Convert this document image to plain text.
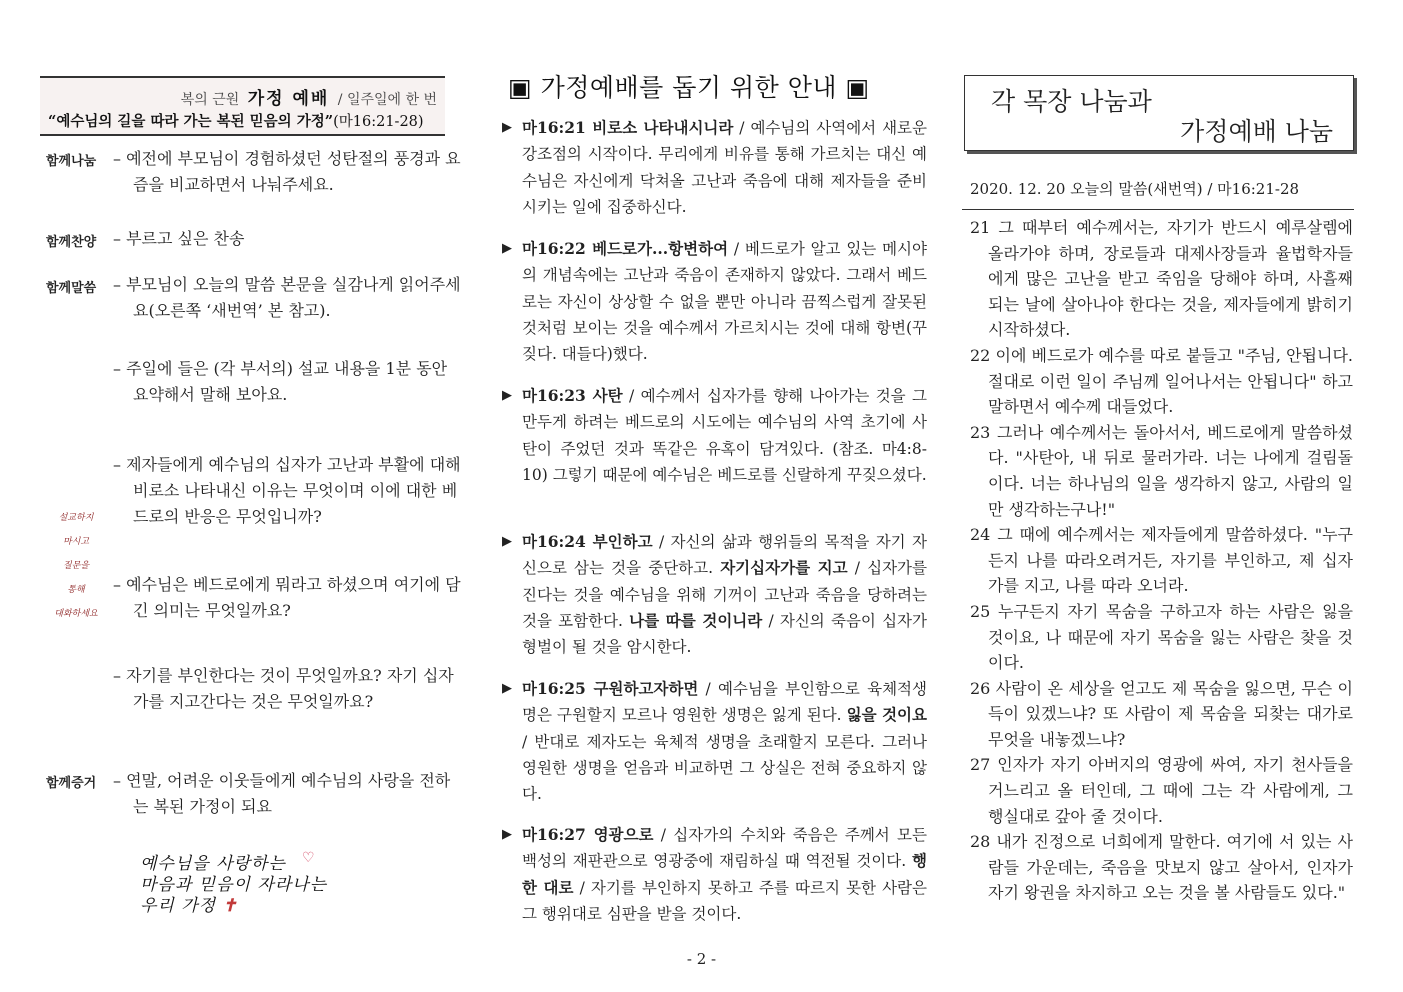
복의 근원 가정 예배 / 일주일에 한 번
“예수님의 길을 따라 가는 복된 믿음의 가정”(마16:21-28)
함께나눔 – 예전에 부모님이 경험하셨던 성탄절의 풍경과 요즘을 비교하면서 나눠주세요.
함께찬양 – 부르고 싶은 찬송
함께말씀 – 부모님이 오늘의 말씀 본문을 실감나게 읽어주세요(오른쪽 ‘새번역’ 본 참고).
– 주일에 들은 (각 부서의) 설교 내용을 1분 동안 요약해서 말해 보아요.
– 제자들에게 예수님의 십자가 고난과 부활에 대해 비로소 나타내신 이유는 무엇이며 이에 대한 베드로의 반응은 무엇입니까?
설교하지
마시고
질문을
통해
대화하세요
– 예수님은 베드로에게 뭐라고 하셨으며 여기에 담긴 의미는 무엇일까요?
– 자기를 부인한다는 것이 무엇일까요? 자기 십자가를 지고간다는 것은 무엇일까요?
함께증거 – 연말, 어려운 이웃들에게 예수님의 사랑을 전하는 복된 가정이 되요
예수님을 사랑하는
마음과 믿음이 자라나는
우리 가정 ✝
♡
▣ 가정예배를 돕기 위한 안내 ▣
▶ 마16:21 비로소 나타내시니라 / 예수님의 사역에서 새로운 강조점의 시작이다. 무리에게 비유를 통해 가르치는 대신 예수님은 자신에게 닥쳐올 고난과 죽음에 대해 제자들을 준비시키는 일에 집중하신다.
▶ 마16:22 베드로가...항변하여 / 베드로가 알고 있는 메시야의 개념속에는 고난과 죽음이 존재하지 않았다. 그래서 베드로는 자신이 상상할 수 없을 뿐만 아니라 끔찍스럽게 잘못된 것처럼 보이는 것을 예수께서 가르치시는 것에 대해 항변(꾸짖다. 대들다)했다.
▶ 마16:23 사탄 / 예수께서 십자가를 향해 나아가는 것을 그만두게 하려는 베드로의 시도에는 예수님의 사역 초기에 사탄이 주었던 것과 똑같은 유혹이 담겨있다. (참조. 마4:8-10) 그렇기 때문에 예수님은 베드로를 신랄하게 꾸짖으셨다.
▶ 마16:24 부인하고 / 자신의 삶과 행위들의 목적을 자기 자신으로 삼는 것을 중단하고. 자기십자가를 지고 / 십자가를 진다는 것을 예수님을 위해 기꺼이 고난과 죽음을 당하려는 것을 포함한다. 나를 따를 것이니라 / 자신의 죽음이 십자가 형벌이 될 것을 암시한다.
▶ 마16:25 구원하고자하면 / 예수님을 부인함으로 육체적생명은 구원할지 모르나 영원한 생명은 잃게 된다. 잃을 것이요 / 반대로 제자도는 육체적 생명을 초래할지 모른다. 그러나 영원한 생명을 얻음과 비교하면 그 상실은 전혀 중요하지 않다.
▶ 마16:27 영광으로 / 십자가의 수치와 죽음은 주께서 모든 백성의 재판관으로 영광중에 재림하실 때 역전될 것이다. 행한 대로 / 자기를 부인하지 못하고 주를 따르지 못한 사람은 그 행위대로 심판을 받을 것이다.
각 목장 나눔과
가정예배 나눔
2020. 12. 20 오늘의 말씀(새번역) / 마16:21-28
21 그 때부터 예수께서는, 자기가 반드시 예루살렘에 올라가야 하며, 장로들과 대제사장들과 율법학자들에게 많은 고난을 받고 죽임을 당해야 하며, 사흘째 되는 날에 살아나야 한다는 것을, 제자들에게 밝히기 시작하셨다.
22 이에 베드로가 예수를 따로 붙들고 "주님, 안됩니다. 절대로 이런 일이 주님께 일어나서는 안됩니다" 하고 말하면서 예수께 대들었다.
23 그러나 예수께서는 돌아서서, 베드로에게 말씀하셨다. "사탄아, 내 뒤로 물러가라. 너는 나에게 걸림돌이다. 너는 하나님의 일을 생각하지 않고, 사람의 일만 생각하는구나!"
24 그 때에 예수께서는 제자들에게 말씀하셨다. "누구든지 나를 따라오려거든, 자기를 부인하고, 제 십자가를 지고, 나를 따라 오너라.
25 누구든지 자기 목숨을 구하고자 하는 사람은 잃을 것이요, 나 때문에 자기 목숨을 잃는 사람은 찾을 것이다.
26 사람이 온 세상을 얻고도 제 목숨을 잃으면, 무슨 이득이 있겠느냐? 또 사람이 제 목숨을 되찾는 대가로 무엇을 내놓겠느냐?
27 인자가 자기 아버지의 영광에 싸여, 자기 천사들을 거느리고 올 터인데, 그 때에 그는 각 사람에게, 그 행실대로 갚아 줄 것이다.
28 내가 진정으로 너희에게 말한다. 여기에 서 있는 사람들 가운데는, 죽음을 맛보지 않고 살아서, 인자가 자기 왕권을 차지하고 오는 것을 볼 사람들도 있다."
- 2 -
